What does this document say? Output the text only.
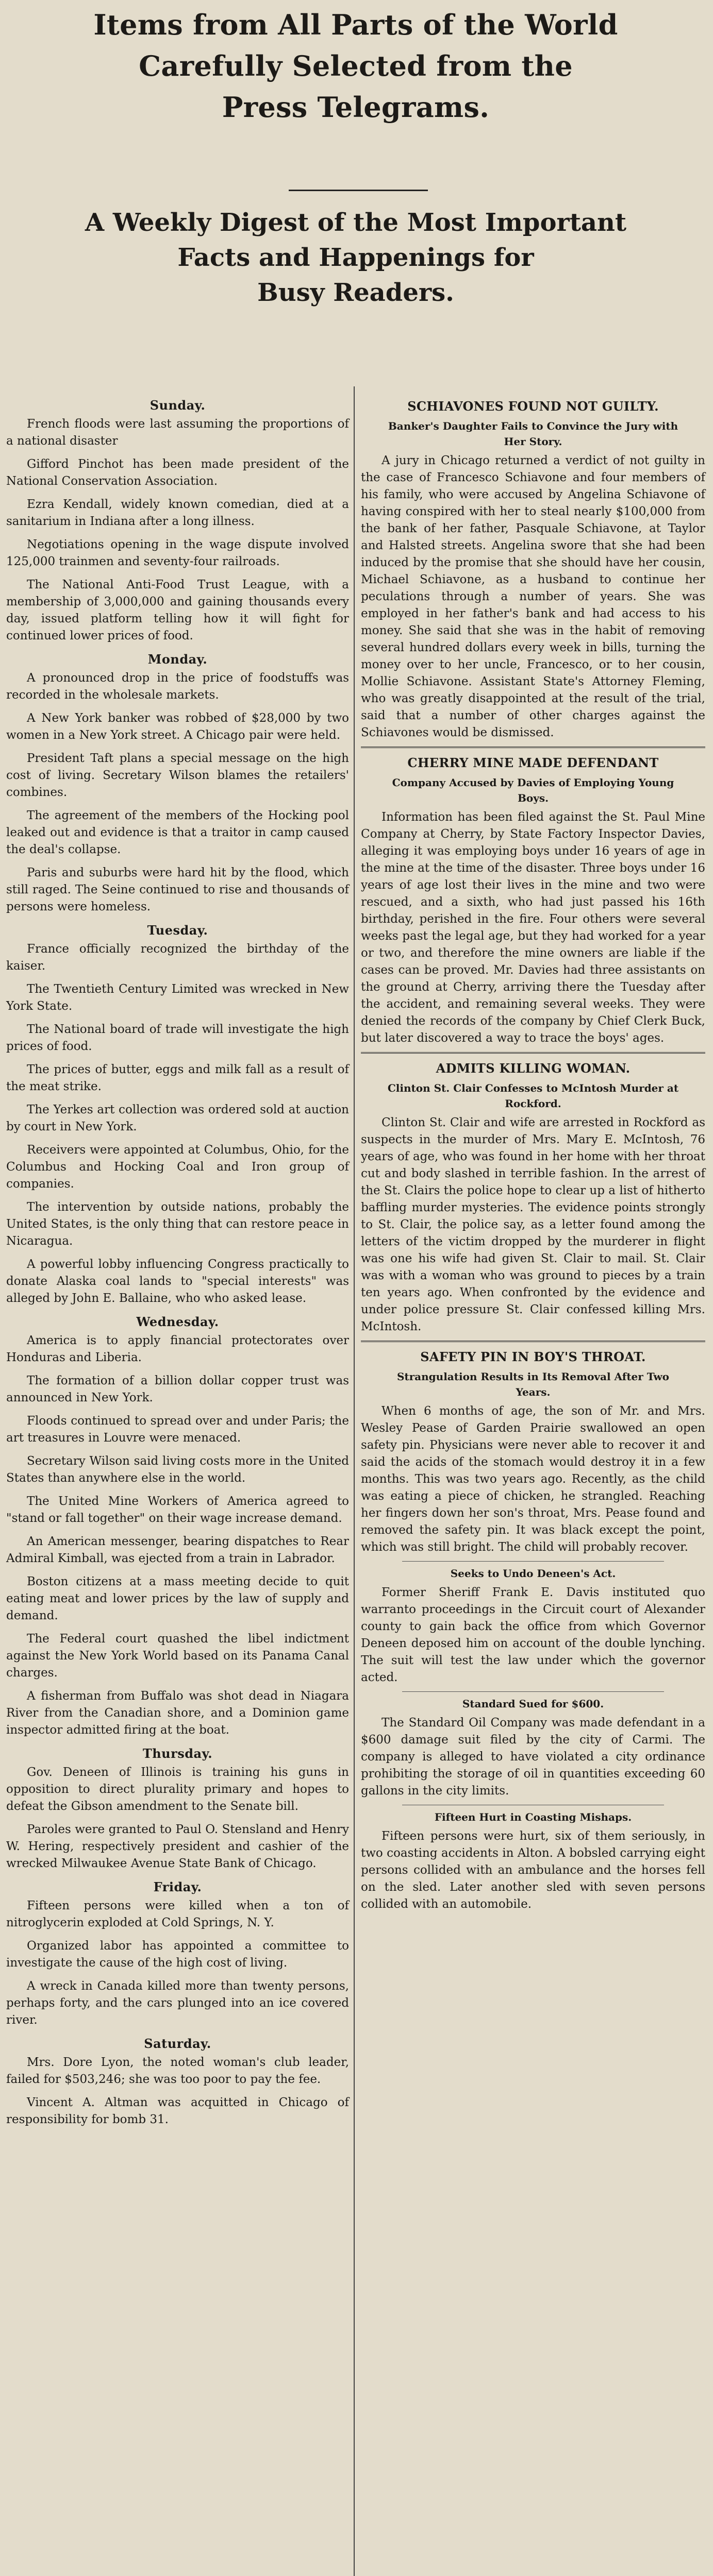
Items from All Parts of the World

Carefully Selected from the

Press Telegrams.

A Weekly Digest of the Most Important

Facts and Happenings for

Busy Readers.

Sunday.

French floods were last assuming the proportions of a national disaster

Gifford Pinchot has been made president of the National Conservation Association.

Ezra Kendall, widely known comedian, died at a sanitarium in Indiana after a long illness.

Negotiations opening in the wage dispute involved 125,000 trainmen and seventy-four railroads.

The National Anti-Food Trust League, with a membership of 3,000,000 and gaining thousands every day, issued platform telling how it will fight for continued lower prices of food.

Monday.

A pronounced drop in the price of foodstuffs was recorded in the wholesale markets.

A New York banker was robbed of $28,000 by two women in a New York street. A Chicago pair were held.

President Taft plans a special message on the high cost of living. Secretary Wilson blames the retailers' combines.

The agreement of the members of the Hocking pool leaked out and evidence is that a traitor in camp caused the deal's collapse.

Paris and suburbs were hard hit by the flood, which still raged. The Seine continued to rise and thousands of persons were homeless.

Tuesday.

France officially recognized the birthday of the kaiser.

The Twentieth Century Limited was wrecked in New York State.

The National board of trade will investigate the high prices of food.

The prices of butter, eggs and milk fall as a result of the meat strike.

The Yerkes art collection was ordered sold at auction by court in New York.

Receivers were appointed at Columbus, Ohio, for the Columbus and Hocking Coal and Iron group of companies.

The intervention by outside nations, probably the United States, is the only thing that can restore peace in Nicaragua.

A powerful lobby influencing Congress practically to donate Alaska coal lands to "special interests" was alleged by John E. Ballaine, who who asked lease.

Wednesday.

America is to apply financial protectorates over Honduras and Liberia.

The formation of a billion dollar copper trust was announced in New York.

Floods continued to spread over and under Paris; the art treasures in Louvre were menaced.

Secretary Wilson said living costs more in the United States than anywhere else in the world.

The United Mine Workers of America agreed to "stand or fall together" on their wage increase demand.

An American messenger, bearing dispatches to Rear Admiral Kimball, was ejected from a train in Labrador.

Boston citizens at a mass meeting decide to quit eating meat and lower prices by the law of supply and demand.

The Federal court quashed the libel indictment against the New York World based on its Panama Canal charges.

A fisherman from Buffalo was shot dead in Niagara River from the Canadian shore, and a Dominion game inspector admitted firing at the boat.

Thursday.

Gov. Deneen of Illinois is training his guns in opposition to direct plurality primary and hopes to defeat the Gibson amendment to the Senate bill.

Paroles were granted to Paul O. Stensland and Henry W. Hering, respectively president and cashier of the wrecked Milwaukee Avenue State Bank of Chicago.

Friday.

Fifteen persons were killed when a ton of nitroglycerin exploded at Cold Springs, N. Y.

Organized labor has appointed a committee to investigate the cause of the high cost of living.

A wreck in Canada killed more than twenty persons, perhaps forty, and the cars plunged into an ice covered river.

Saturday.

Mrs. Dore Lyon, the noted woman's club leader, failed for $503,246; she was too poor to pay the fee.

Vincent A. Altman was acquitted in Chicago of responsibility for bomb 31.

SCHIAVONES FOUND NOT GUILTY.
Banker's Daughter Fails to Convince the Jury with Her Story.

A jury in Chicago returned a verdict of not guilty in the case of Francesco Schiavone and four members of his family, who were accused by Angelina Schiavone of having conspired with her to steal nearly $100,000 from the bank of her father, Pasquale Schiavone, at Taylor and Halsted streets. Angelina swore that she had been induced by the promise that she should have her cousin, Michael Schiavone, as a husband to continue her peculations through a number of years. She was employed in her father's bank and had access to his money. She said that she was in the habit of removing several hundred dollars every week in bills, turning the money over to her uncle, Francesco, or to her cousin, Mollie Schiavone. Assistant State's Attorney Fleming, who was greatly disappointed at the result of the trial, said that a number of other charges against the Schiavones would be dismissed.

CHERRY MINE MADE DEFENDANT
Company Accused by Davies of Employing Young Boys.

Information has been filed against the St. Paul Mine Company at Cherry, by State Factory Inspector Davies, alleging it was employing boys under 16 years of age in the mine at the time of the disaster. Three boys under 16 years of age lost their lives in the mine and two were rescued, and a sixth, who had just passed his 16th birthday, perished in the fire. Four others were several weeks past the legal age, but they had worked for a year or two, and therefore the mine owners are liable if the cases can be proved. Mr. Davies had three assistants on the ground at Cherry, arriving there the Tuesday after the accident, and remaining several weeks. They were denied the records of the company by Chief Clerk Buck, but later discovered a way to trace the boys' ages.

ADMITS KILLING WOMAN.
Clinton St. Clair Confesses to McIntosh Murder at Rockford.

Clinton St. Clair and wife are arrested in Rockford as suspects in the murder of Mrs. Mary E. McIntosh, 76 years of age, who was found in her home with her throat cut and body slashed in terrible fashion. In the arrest of the St. Clairs the police hope to clear up a list of hitherto baffling murder mysteries. The evidence points strongly to St. Clair, the police say, as a letter found among the letters of the victim dropped by the murderer in flight was one his wife had given St. Clair to mail. St. Clair was with a woman who was ground to pieces by a train ten years ago. When confronted by the evidence and under police pressure St. Clair confessed killing Mrs. McIntosh.

SAFETY PIN IN BOY'S THROAT.
Strangulation Results in Its Removal After Two Years.

When 6 months of age, the son of Mr. and Mrs. Wesley Pease of Garden Prairie swallowed an open safety pin. Physicians were never able to recover it and said the acids of the stomach would destroy it in a few months. This was two years ago. Recently, as the child was eating a piece of chicken, he strangled. Reaching her fingers down her son's throat, Mrs. Pease found and removed the safety pin. It was black except the point, which was still bright. The child will probably recover.

Seeks to Undo Deneen's Act.

Former Sheriff Frank E. Davis instituted quo warranto proceedings in the Circuit court of Alexander county to gain back the office from which Governor Deneen deposed him on account of the double lynching. The suit will test the law under which the governor acted.

Standard Sued for $600.

The Standard Oil Company was made defendant in a $600 damage suit filed by the city of Carmi. The company is alleged to have violated a city ordinance prohibiting the storage of oil in quantities exceeding 60 gallons in the city limits.

Fifteen Hurt in Coasting Mishaps.

Fifteen persons were hurt, six of them seriously, in two coasting accidents in Alton. A bobsled carrying eight persons collided with an ambulance and the horses fell on the sled. Later another sled with seven persons collided with an automobile.
